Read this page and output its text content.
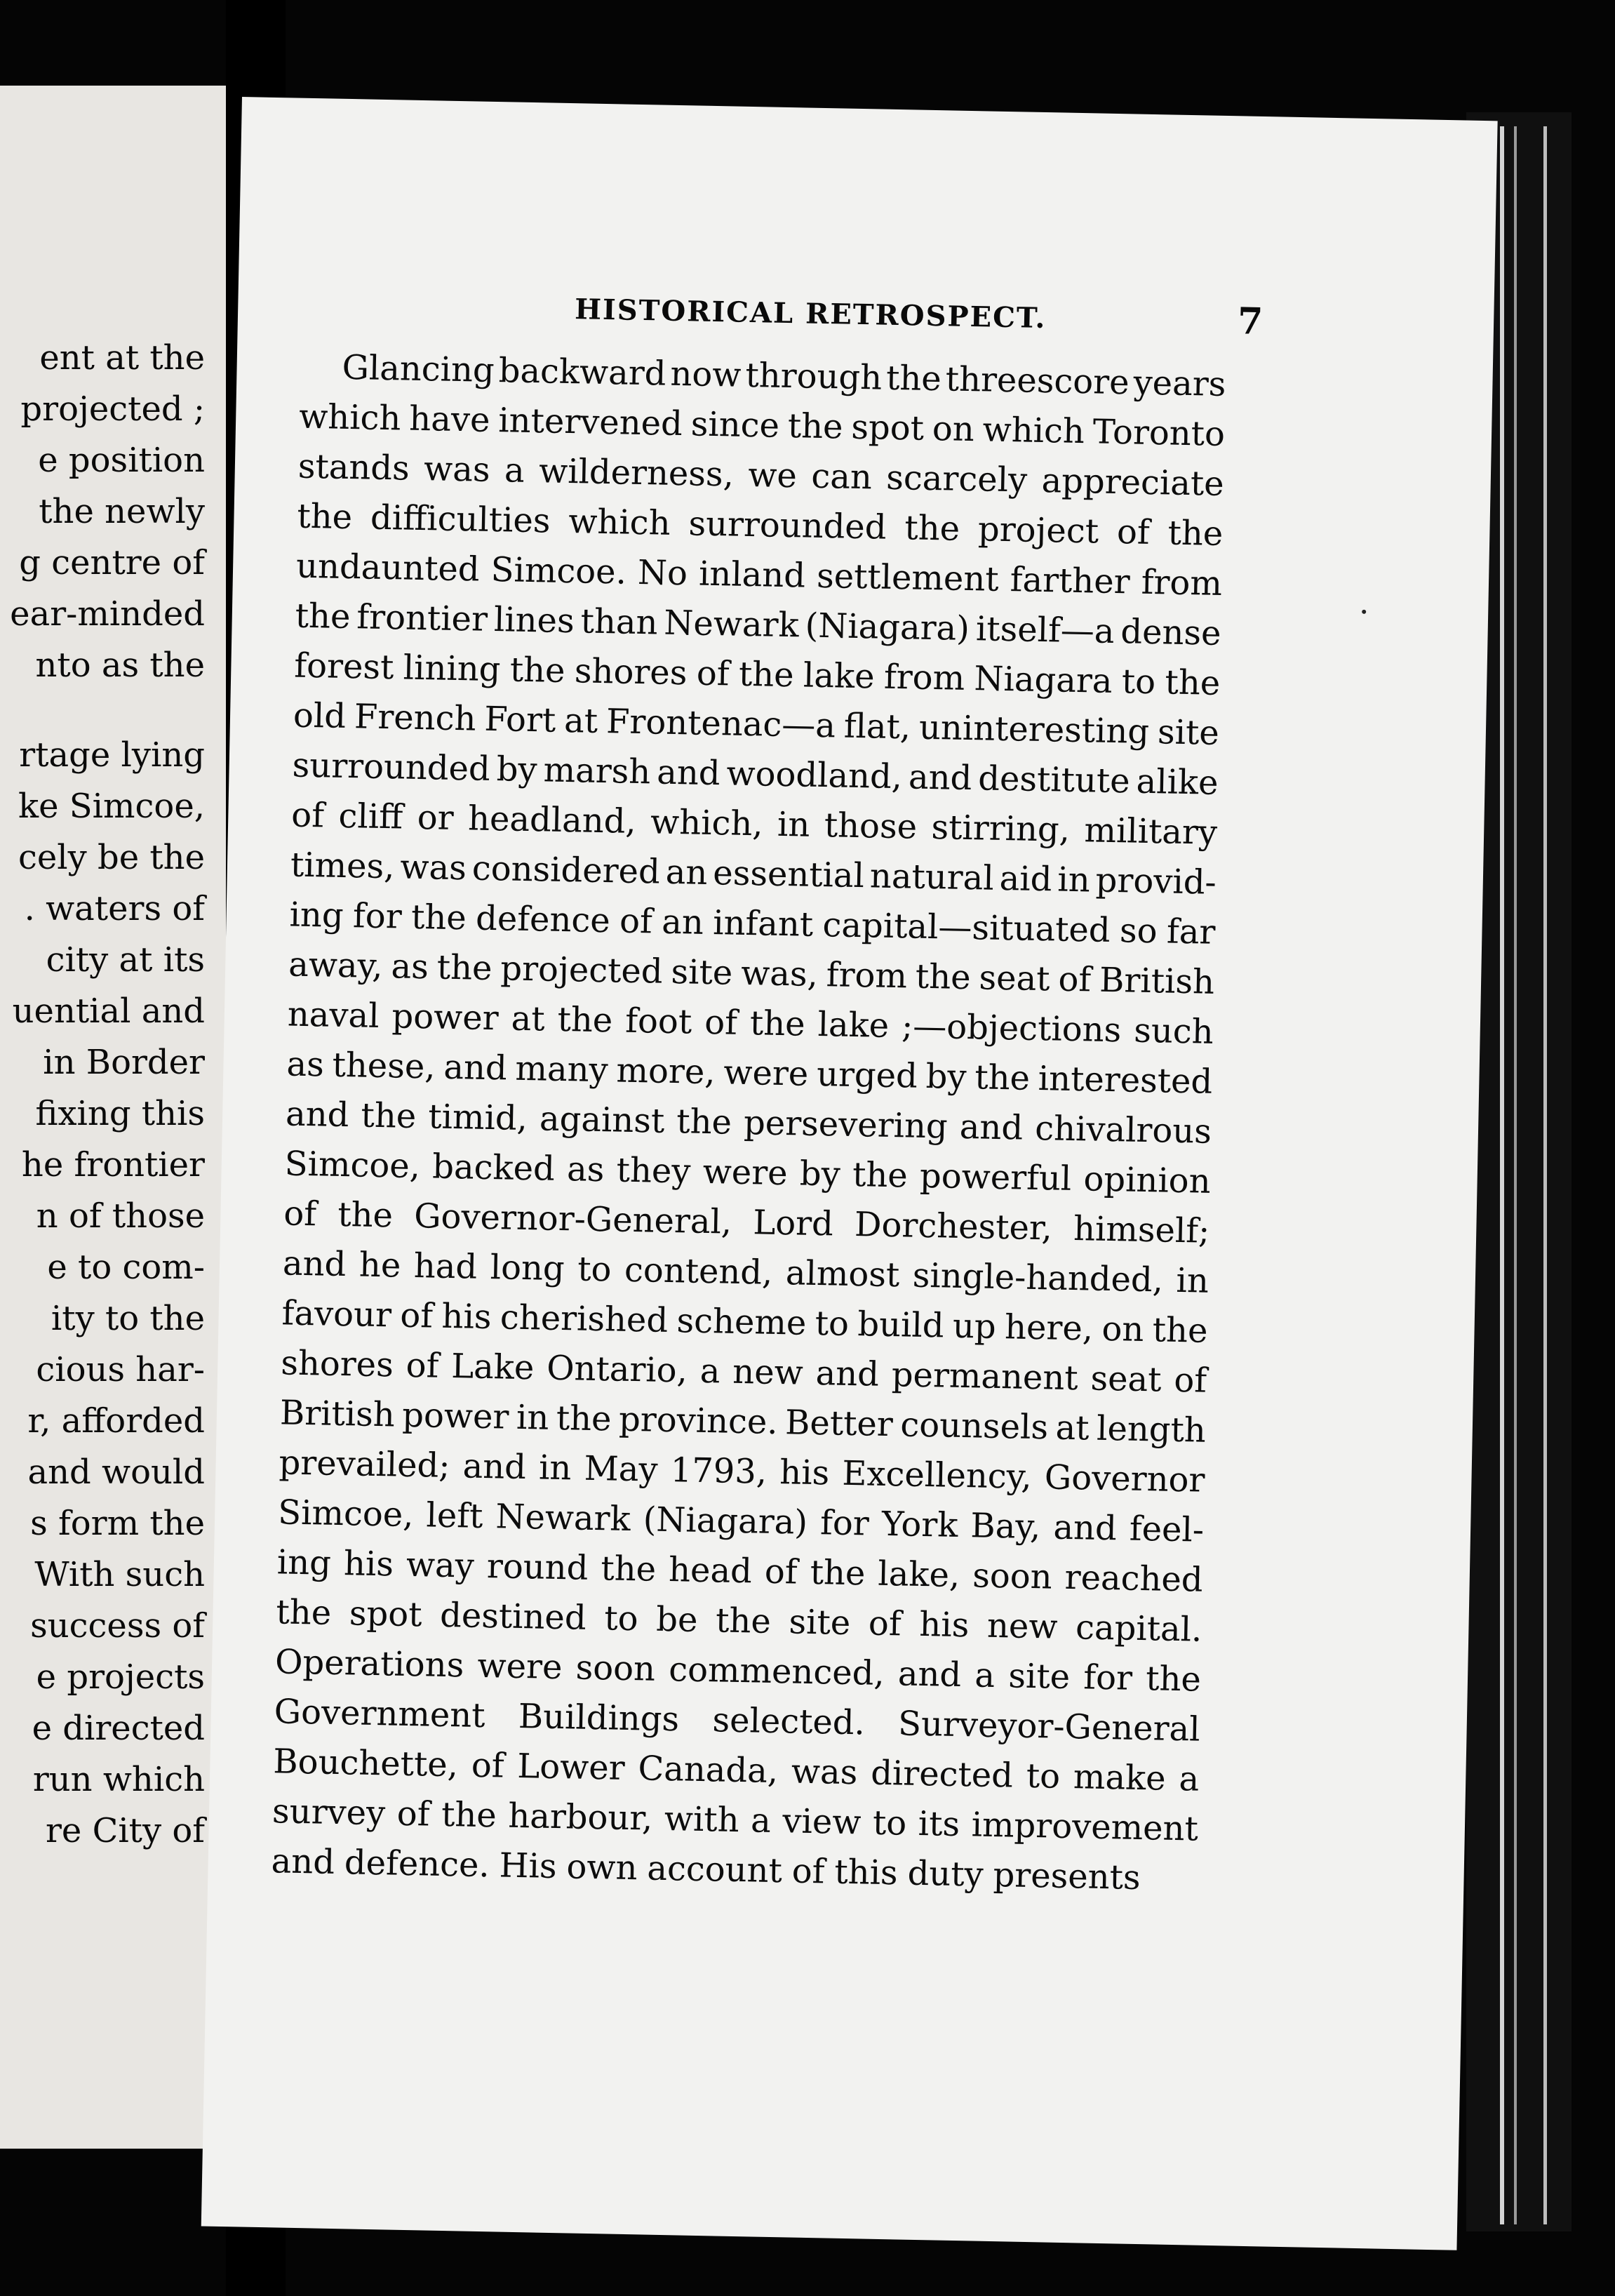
ent at the
projected ;
e position
the newly
g centre of
ear-minded
nto as the
rtage lying
ke Simcoe,
cely be the
. waters of
city at its
uential and
in Border
fixing this
he frontier
n of those
e to com-
ity to the
cious har-
r, afforded
and would
s form the
With such
success of
e projects
e directed
run which
re City of
HISTORICAL RETROSPECT.	7
Glancing backward now through the threescore years
which have intervened since the spot on which Toronto
stands was a wilderness, we can scarcely appreciate
the difficulties which surrounded the project of the
undaunted Simcoe. No inland settlement farther from
the frontier lines than Newark (Niagara) itself—a dense
forest lining the shores of the lake from Niagara to the
old French Fort at Frontenac—a flat, uninteresting site
surrounded by marsh and woodland, and destitute alike
of cliff or headland, which, in those stirring, military
times, was considered an essential natural aid in provid-
ing for the defence of an infant capital—situated so far
away, as the projected site was, from the seat of British
naval power at the foot of the lake ;—objections such
as these, and many more, were urged by the interested
and the timid, against the persevering and chivalrous
Simcoe, backed as they were by the powerful opinion
of the Governor-General, Lord Dorchester, himself;
and he had long to contend, almost single-handed, in
favour of his cherished scheme to build up here, on the
shores of Lake Ontario, a new and permanent seat of
British power in the province. Better counsels at length
prevailed; and in May 1793, his Excellency, Governor
Simcoe, left Newark (Niagara) for York Bay, and feel-
ing his way round the head of the lake, soon reached
the spot destined to be the site of his new capital.
Operations were soon commenced, and a site for the
Government Buildings selected. Surveyor-General
Bouchette, of Lower Canada, was directed to make a
survey of the harbour, with a view to its improvement
and defence. His own account of this duty presents
